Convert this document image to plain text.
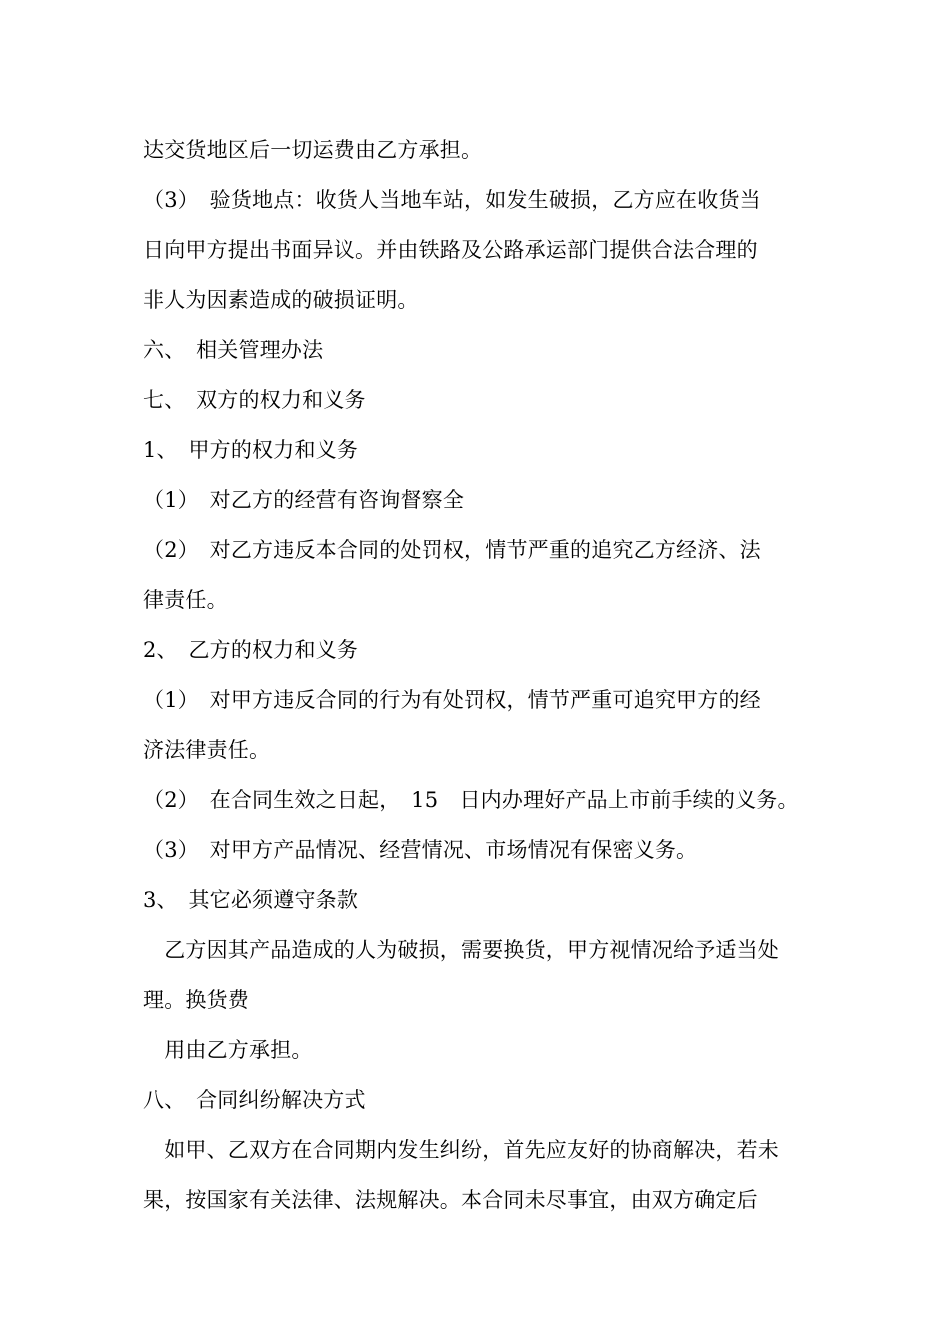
达交货地区后一切运费由乙方承担。
（3）　验货地点：收货人当地车站，如发生破损，乙方应在收货当
日向甲方提出书面异议。并由铁路及公路承运部门提供合法合理的
非人为因素造成的破损证明。
六、　相关管理办法
七、　双方的权力和义务
1、　甲方的权力和义务
（1）　对乙方的经营有咨询督察全
（2）　对乙方违反本合同的处罚权，情节严重的追究乙方经济、法
律责任。
2、　乙方的权力和义务
（1）　对甲方违反合同的行为有处罚权，情节严重可追究甲方的经
济法律责任。
（2）　在合同生效之日起，　15　日内办理好产品上市前手续的义务。
（3）　对甲方产品情况、经营情况、市场情况有保密义务。
3、　其它必须遵守条款
　乙方因其产品造成的人为破损，需要换货，甲方视情况给予适当处
理。换货费
　用由乙方承担。
八、　合同纠纷解决方式
　如甲、乙双方在合同期内发生纠纷，首先应友好的协商解决，若未
果，按国家有关法律、法规解决。本合同未尽事宜，由双方确定后
